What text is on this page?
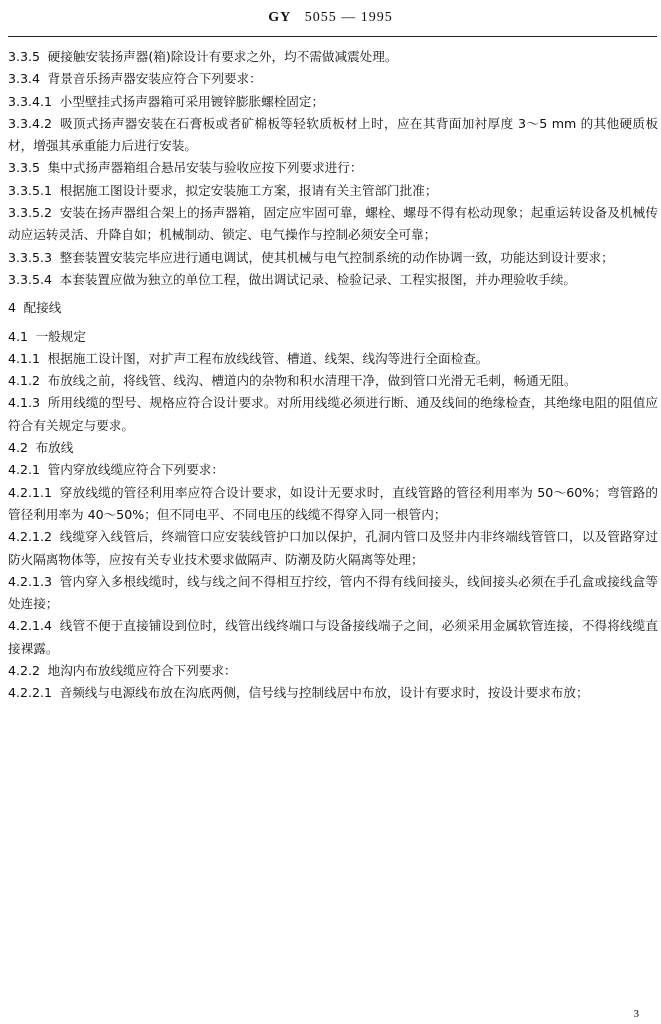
GY 5055 — 1995
3.3.5 硬接触安装扬声器(箱)除设计有要求之外，均不需做减震处理。
3.3.4 背景音乐扬声器安装应符合下列要求：
3.3.4.1 小型壁挂式扬声器箱可采用镀锌膨胀螺栓固定；
3.3.4.2 吸顶式扬声器安装在石膏板或者矿棉板等轻软质板材上时，应在其背面加衬厚度 3～5 mm 的其他硬质板材，增强其承重能力后进行安装。
3.3.5 集中式扬声器箱组合悬吊安装与验收应按下列要求进行：
3.3.5.1 根据施工图设计要求，拟定安装施工方案，报请有关主管部门批准；
3.3.5.2 安装在扬声器组合架上的扬声器箱，固定应牢固可靠，螺栓、螺母不得有松动现象；起重运转设备及机械传动应运转灵活、升降自如；机械制动、锁定、电气操作与控制必须安全可靠；
3.3.5.3 整套装置安装完毕应进行通电调试，使其机械与电气控制系统的动作协调一致，功能达到设计要求；
3.3.5.4 本套装置应做为独立的单位工程，做出调试记录、检验记录、工程实报图，并办理验收手续。
4 配接线
4.1 一般规定
4.1.1 根据施工设计图，对扩声工程布放线线管、槽道、线架、线沟等进行全面检查。
4.1.2 布放线之前，将线管、线沟、槽道内的杂物和积水清理干净，做到管口光滑无毛刺，畅通无阻。
4.1.3 所用线缆的型号、规格应符合设计要求。对所用线缆必须进行断、通及线间的绝缘检查，其绝缘电阻的阻值应符合有关规定与要求。
4.2 布放线
4.2.1 管内穿放线缆应符合下列要求：
4.2.1.1 穿放线缆的管径利用率应符合设计要求，如设计无要求时，直线管路的管径利用率为 50～60%；弯管路的管径利用率为 40～50%；但不同电平、不同电压的线缆不得穿入同一根管内；
4.2.1.2 线缆穿入线管后，终端管口应安装线管护口加以保护，孔洞内管口及竖井内非终端线管管口，以及管路穿过防火隔离物体等，应按有关专业技术要求做隔声、防潮及防火隔离等处理；
4.2.1.3 管内穿入多根线缆时，线与线之间不得相互拧绞，管内不得有线间接头，线间接头必须在手孔盒或接线盒等处连接；
4.2.1.4 线管不便于直接铺设到位时，线管出线终端口与设备接线端子之间，必须采用金属软管连接，不得将线缆直接裸露。
4.2.2 地沟内布放线缆应符合下列要求：
4.2.2.1 音频线与电源线布放在沟底两侧，信号线与控制线居中布放，设计有要求时，按设计要求布放；
3
